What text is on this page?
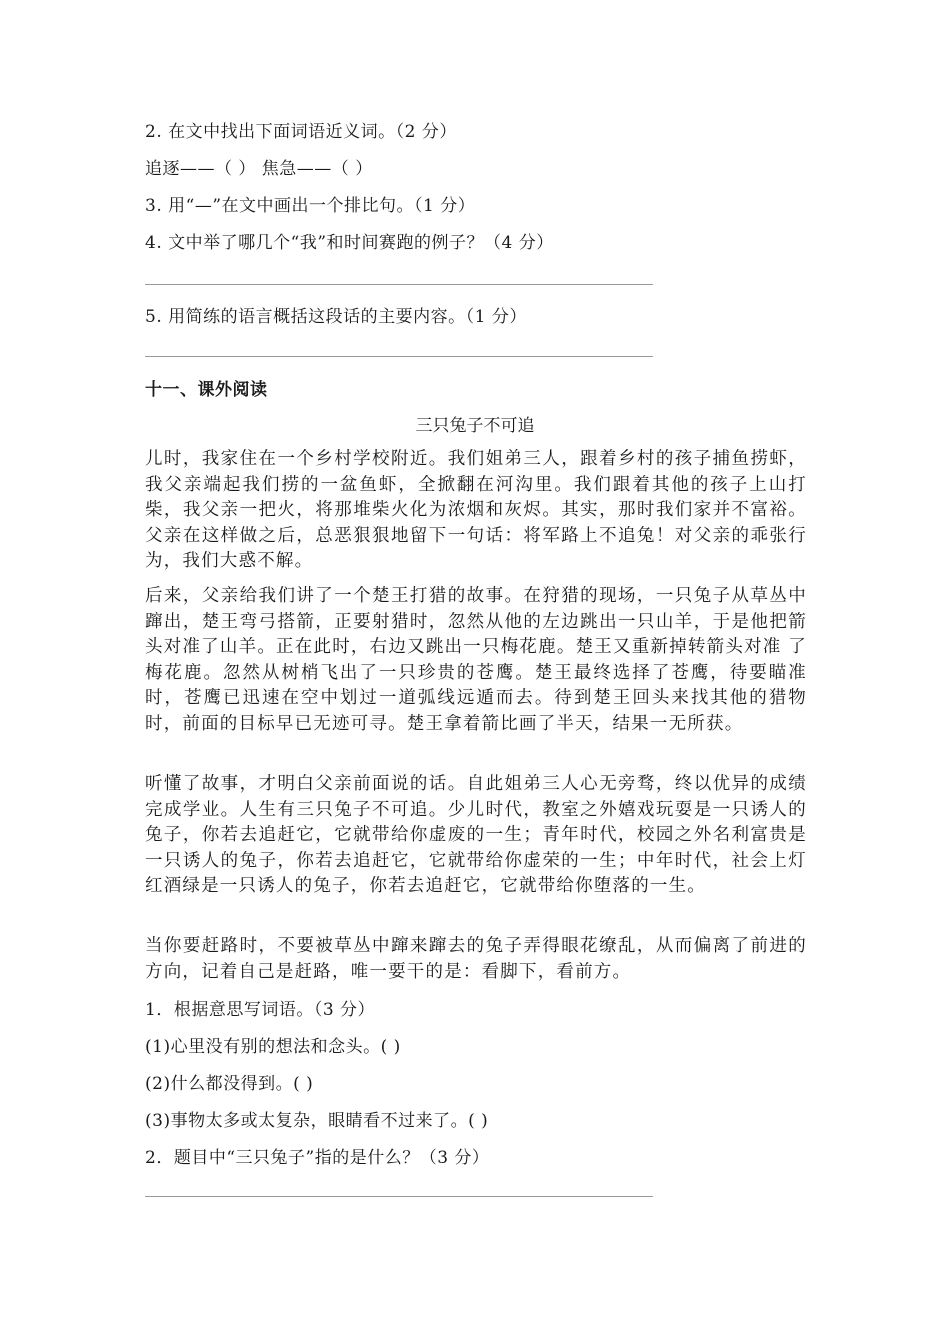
2. 在文中找出下面词语近义词。（2 分）
追逐——（ ） 焦急——（ ）
3. 用“—”在文中画出一个排比句。（1 分）
4. 文中举了哪几个“我”和时间赛跑的例子？（4 分）
5. 用简练的语言概括这段话的主要内容。（1 分）
十一、课外阅读
三只兔子不可追
儿时，我家住在一个乡村学校附近。我们姐弟三人，跟着乡村的孩子捕鱼捞虾，我父亲端起我们捞的一盆鱼虾，全掀翻在河沟里。我们跟着其他的孩子上山打柴，我父亲一把火，将那堆柴火化为浓烟和灰烬。其实，那时我们家并不富裕。父亲在这样做之后，总恶狠狠地留下一句话：将军路上不追兔！对父亲的乖张行为，我们大惑不解。
后来，父亲给我们讲了一个楚王打猎的故事。在狩猎的现场，一只兔子从草丛中蹿出，楚王弯弓搭箭，正要射猎时，忽然从他的左边跳出一只山羊，于是他把箭头对准了山羊。正在此时，右边又跳出一只梅花鹿。楚王又重新掉转箭头对准 了梅花鹿。忽然从树梢飞出了一只珍贵的苍鹰。楚王最终选择了苍鹰，待要瞄准时，苍鹰已迅速在空中划过一道弧线远遁而去。待到楚王回头来找其他的猎物时，前面的目标早已无迹可寻。楚王拿着箭比画了半天，结果一无所获。
听懂了故事，才明白父亲前面说的话。自此姐弟三人心无旁骛，终以优异的成绩完成学业。人生有三只兔子不可追。少儿时代，教室之外嬉戏玩耍是一只诱人的兔子，你若去追赶它，它就带给你虚废的一生；青年时代，校园之外名利富贵是一只诱人的兔子，你若去追赶它，它就带给你虚荣的一生；中年时代，社会上灯红酒绿是一只诱人的兔子，你若去追赶它，它就带给你堕落的一生。
当你要赶路时，不要被草丛中蹿来蹿去的兔子弄得眼花缭乱，从而偏离了前进的方向，记着自己是赶路，唯一要干的是：看脚下，看前方。
1．根据意思写词语。（3 分）
(1)心里没有别的想法和念头。( )
(2)什么都没得到。( )
(3)事物太多或太复杂，眼睛看不过来了。( )
2．题目中“三只兔子”指的是什么？（3 分）
